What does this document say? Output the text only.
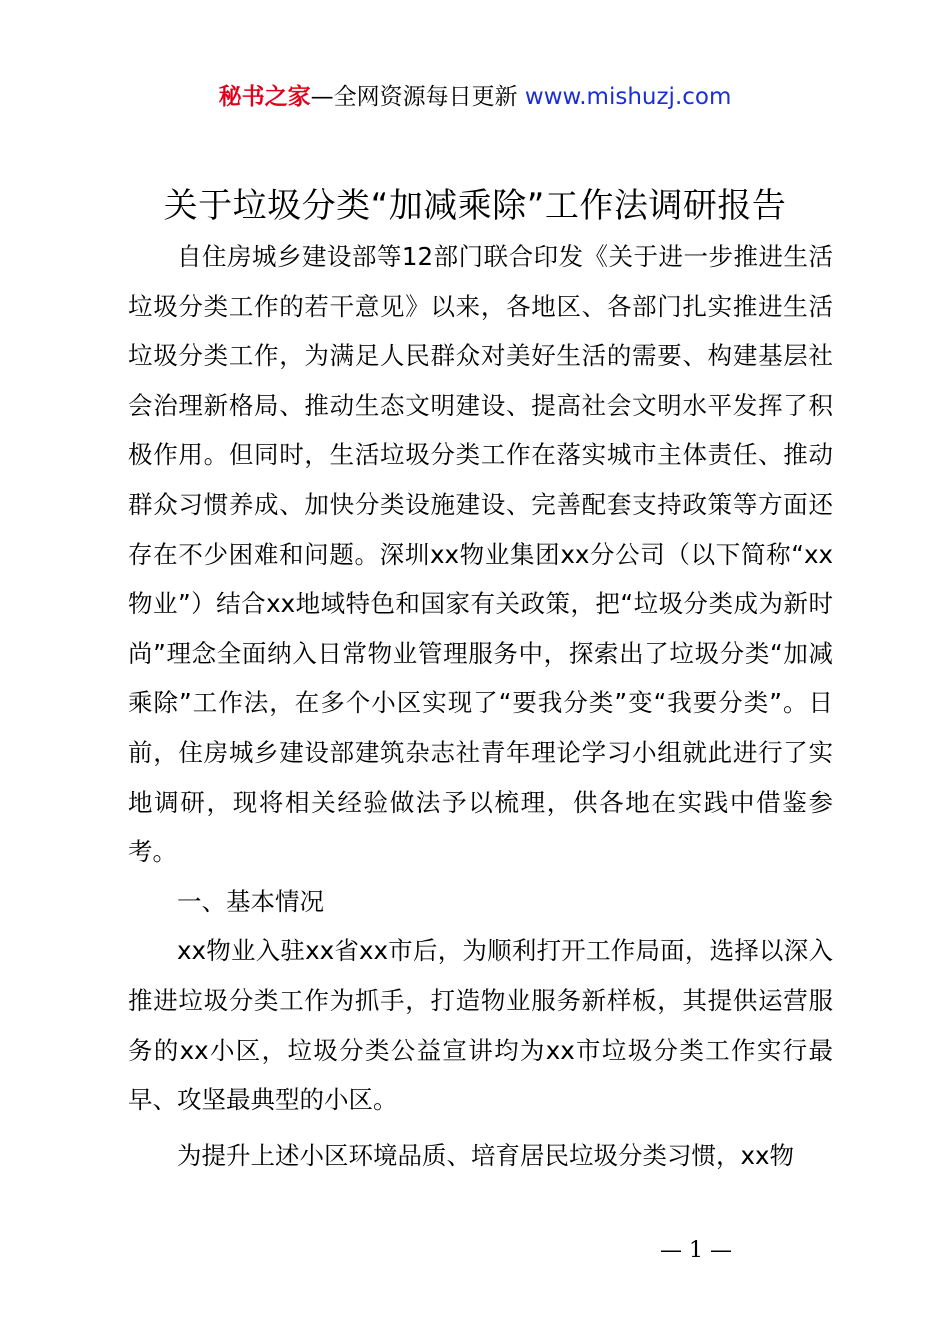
秘书之家—全网资源每日更新 www.mishuzj.com
关于垃圾分类“加减乘除”工作法调研报告

自住房城乡建设部等12部门联合印发《关于进一步推进生活垃圾分类工作的若干意见》以来，各地区、各部门扎实推进生活垃圾分类工作，为满足人民群众对美好生活的需要、构建基层社会治理新格局、推动生态文明建设、提高社会文明水平发挥了积极作用。但同时，生活垃圾分类工作在落实城市主体责任、推动群众习惯养成、加快分类设施建设、完善配套支持政策等方面还存在不少困难和问题。深圳xx物业集团xx分公司（以下简称“xx物业”）结合xx地域特色和国家有关政策，把“垃圾分类成为新时尚”理念全面纳入日常物业管理服务中，探索出了垃圾分类“加减乘除”工作法，在多个小区实现了“要我分类”变“我要分类”。日前，住房城乡建设部建筑杂志社青年理论学习小组就此进行了实地调研，现将相关经验做法予以梳理，供各地在实践中借鉴参考。

一、基本情况

xx物业入驻xx省xx市后，为顺利打开工作局面，选择以深入推进垃圾分类工作为抓手，打造物业服务新样板，其提供运营服务的xx小区，垃圾分类公益宣讲均为xx市垃圾分类工作实行最早、攻坚最典型的小区。

为提升上述小区环境品质、培育居民垃圾分类习惯，xx物

— 1 —
